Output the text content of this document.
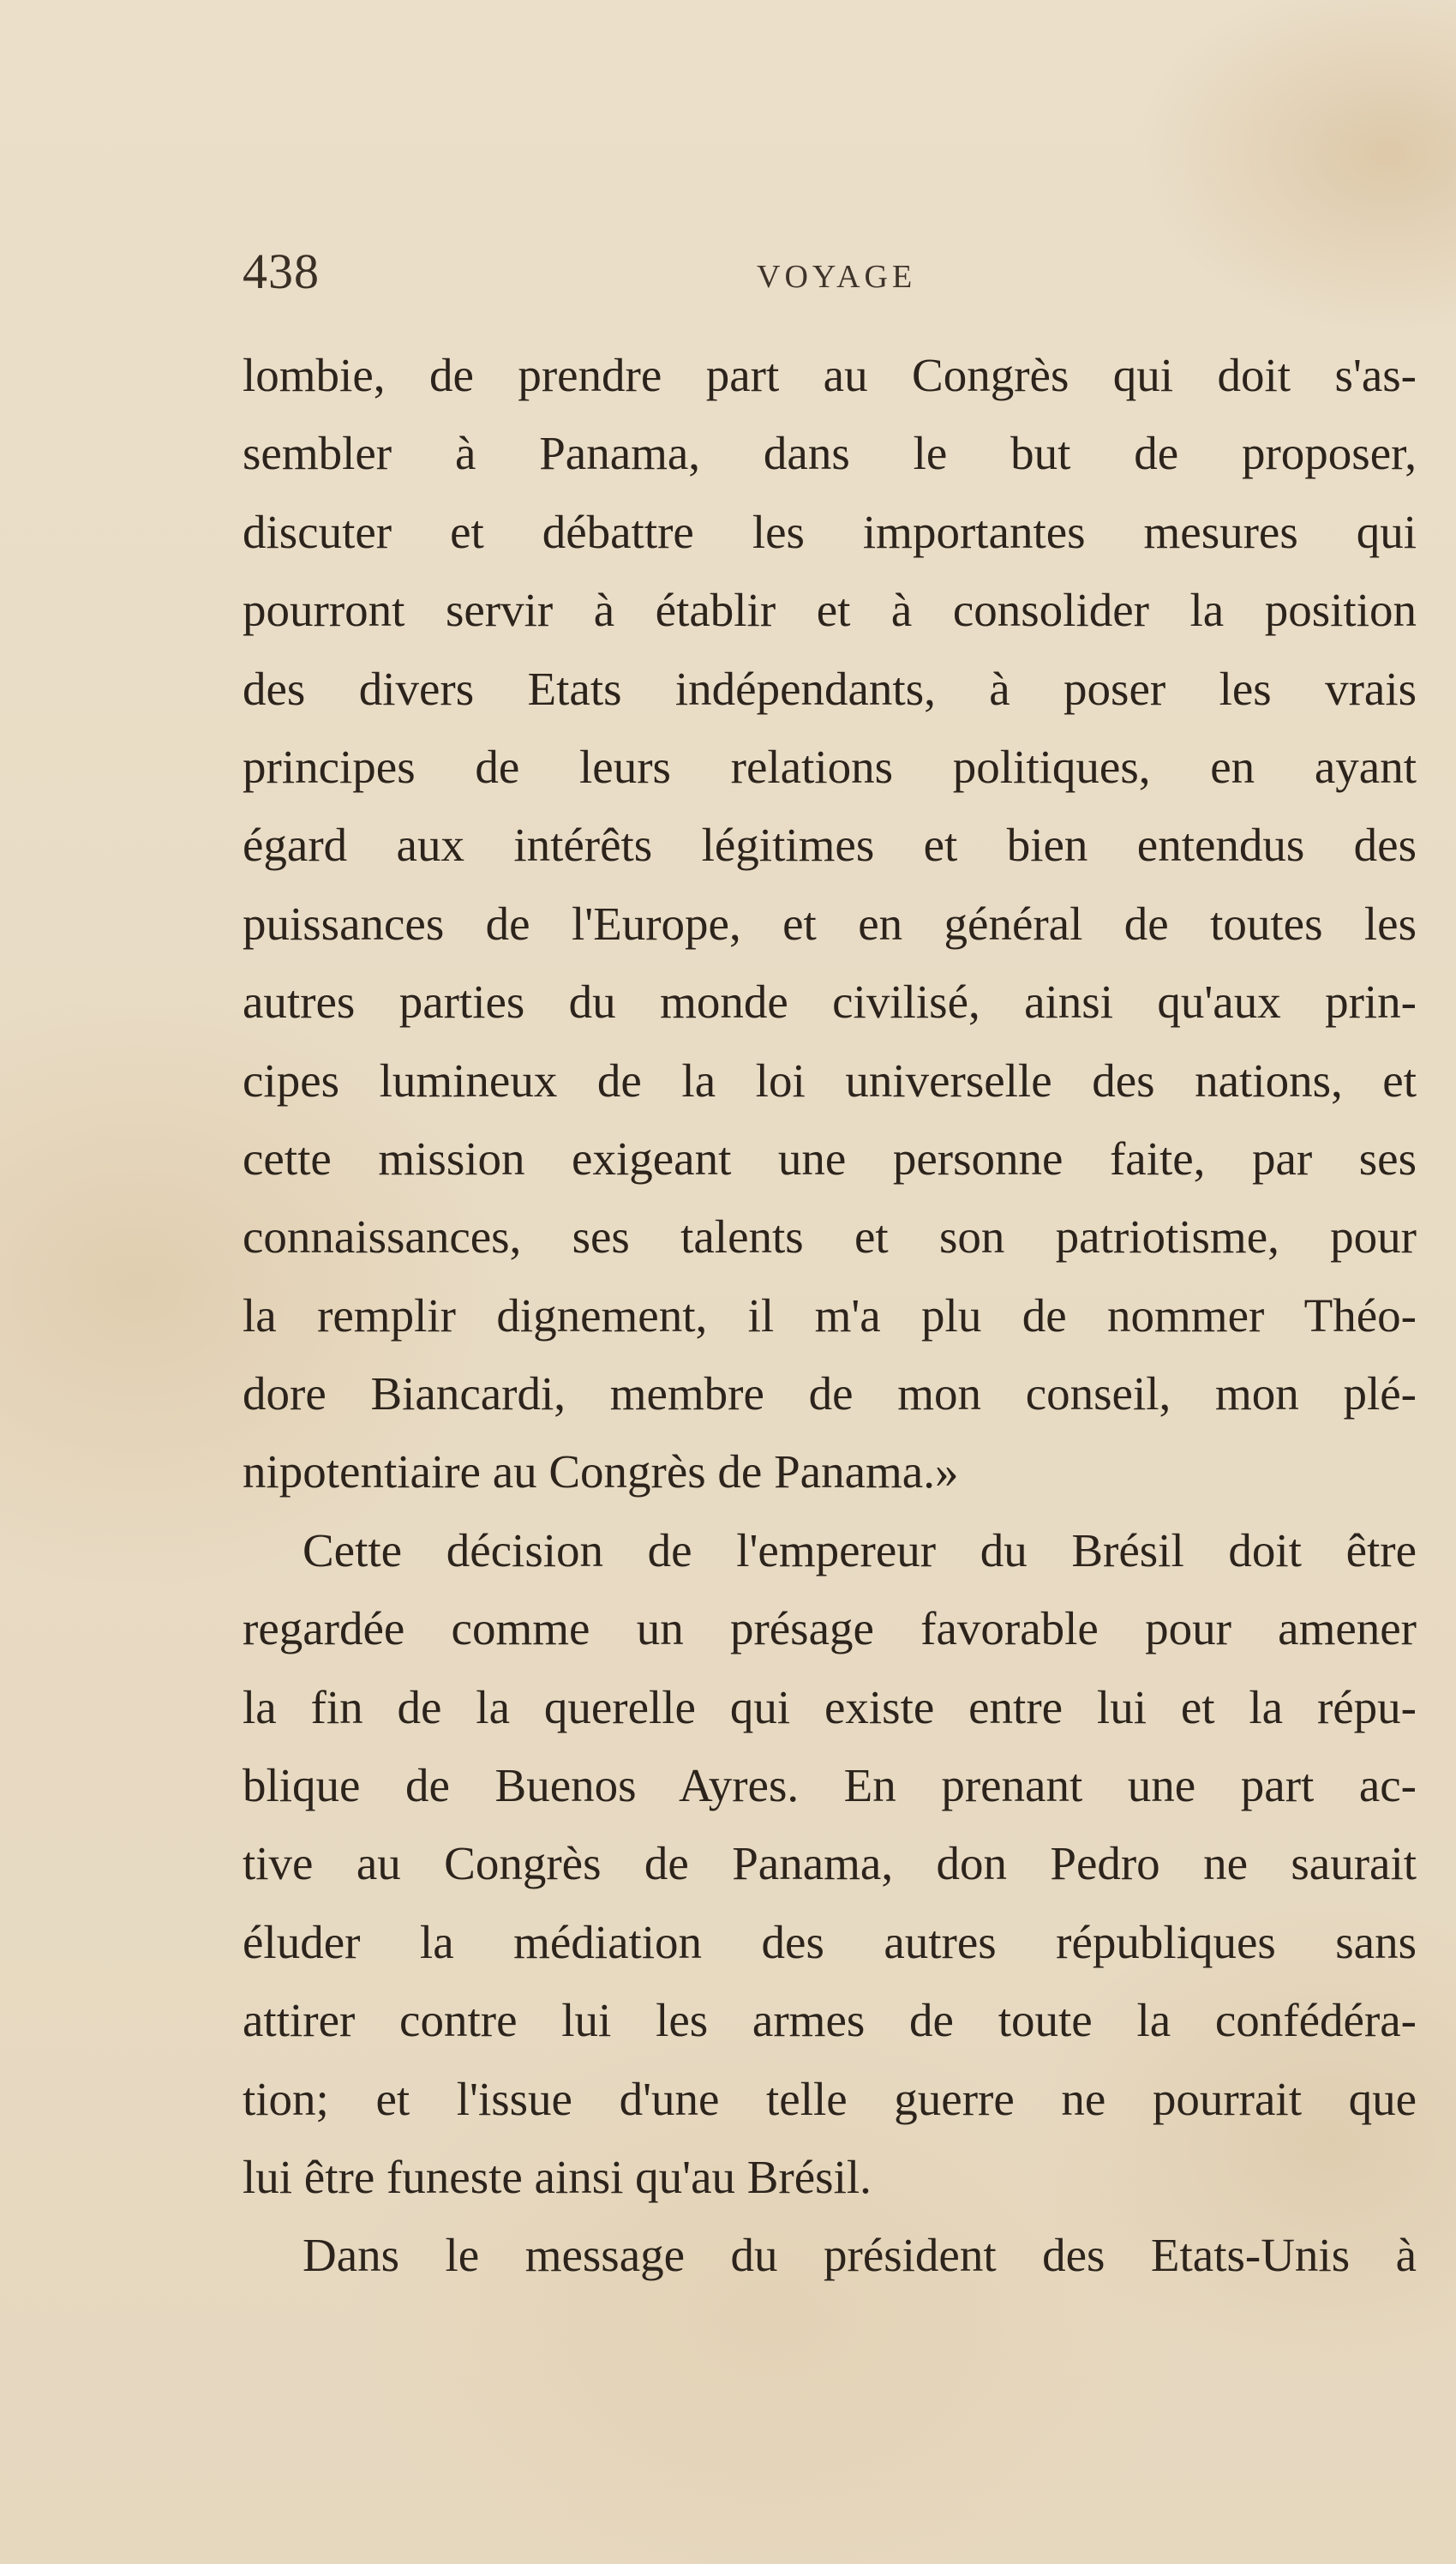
438	VOYAGE
lombie, de prendre part au Congrès qui doit s'as-
sembler à Panama, dans le but de proposer,
discuter et débattre les importantes mesures qui
pourront servir à établir et à consolider la position
des divers Etats indépendants, à poser les vrais
principes de leurs relations politiques, en ayant
égard aux intérêts légitimes et bien entendus des
puissances de l'Europe, et en général de toutes les
autres parties du monde civilisé, ainsi qu'aux prin-
cipes lumineux de la loi universelle des nations, et
cette mission exigeant une personne faite, par ses
connaissances, ses talents et son patriotisme, pour
la remplir dignement, il m'a plu de nommer Théo-
dore Biancardi, membre de mon conseil, mon plé-
nipotentiaire au Congrès de Panama.»
Cette décision de l'empereur du Brésil doit être
regardée comme un présage favorable pour amener
la fin de la querelle qui existe entre lui et la répu-
blique de Buenos Ayres. En prenant une part ac-
tive au Congrès de Panama, don Pedro ne saurait
éluder la médiation des autres républiques sans
attirer contre lui les armes de toute la confédéra-
tion; et l'issue d'une telle guerre ne pourrait que
lui être funeste ainsi qu'au Brésil.
Dans le message du président des Etats-Unis à
